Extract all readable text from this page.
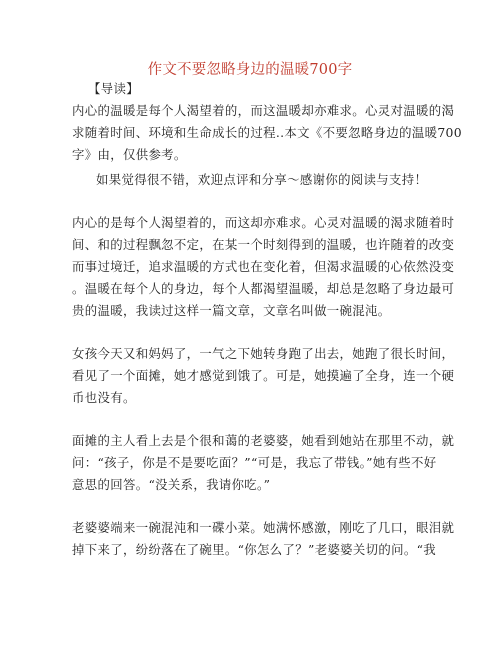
作文不要忽略身边的温暖700字
【导读】
内心的温暖是每个人渴望着的，而这温暖却亦难求。心灵对温暖的渴
求随着时间、环境和生命成长的过程..本文《不要忽略身边的温暖700
字》由，仅供参考。
如果觉得很不错，欢迎点评和分享～感谢你的阅读与支持！
内心的是每个人渴望着的，而这却亦难求。心灵对温暖的渴求随着时
间、和的过程飘忽不定，在某一个时刻得到的温暖，也许随着的改变
而事过境迁，追求温暖的方式也在变化着，但渴求温暖的心依然没变
。温暖在每个人的身边，每个人都渴望温暖，却总是忽略了身边最可
贵的温暖，我读过这样一篇文章，文章名叫做一碗混沌。
女孩今天又和妈妈了，一气之下她转身跑了出去，她跑了很长时间，
看见了一个面摊，她才感觉到饿了。可是，她摸遍了全身，连一个硬
币也没有。
面摊的主人看上去是个很和蔼的老婆婆，她看到她站在那里不动，就
问：“孩子，你是不是要吃面？”“可是，我忘了带钱。”她有些不好
意思的回答。“没关系，我请你吃。”
老婆婆端来一碗混沌和一碟小菜。她满怀感激，刚吃了几口，眼泪就
掉下来了，纷纷落在了碗里。“你怎么了？”老婆婆关切的问。“我
